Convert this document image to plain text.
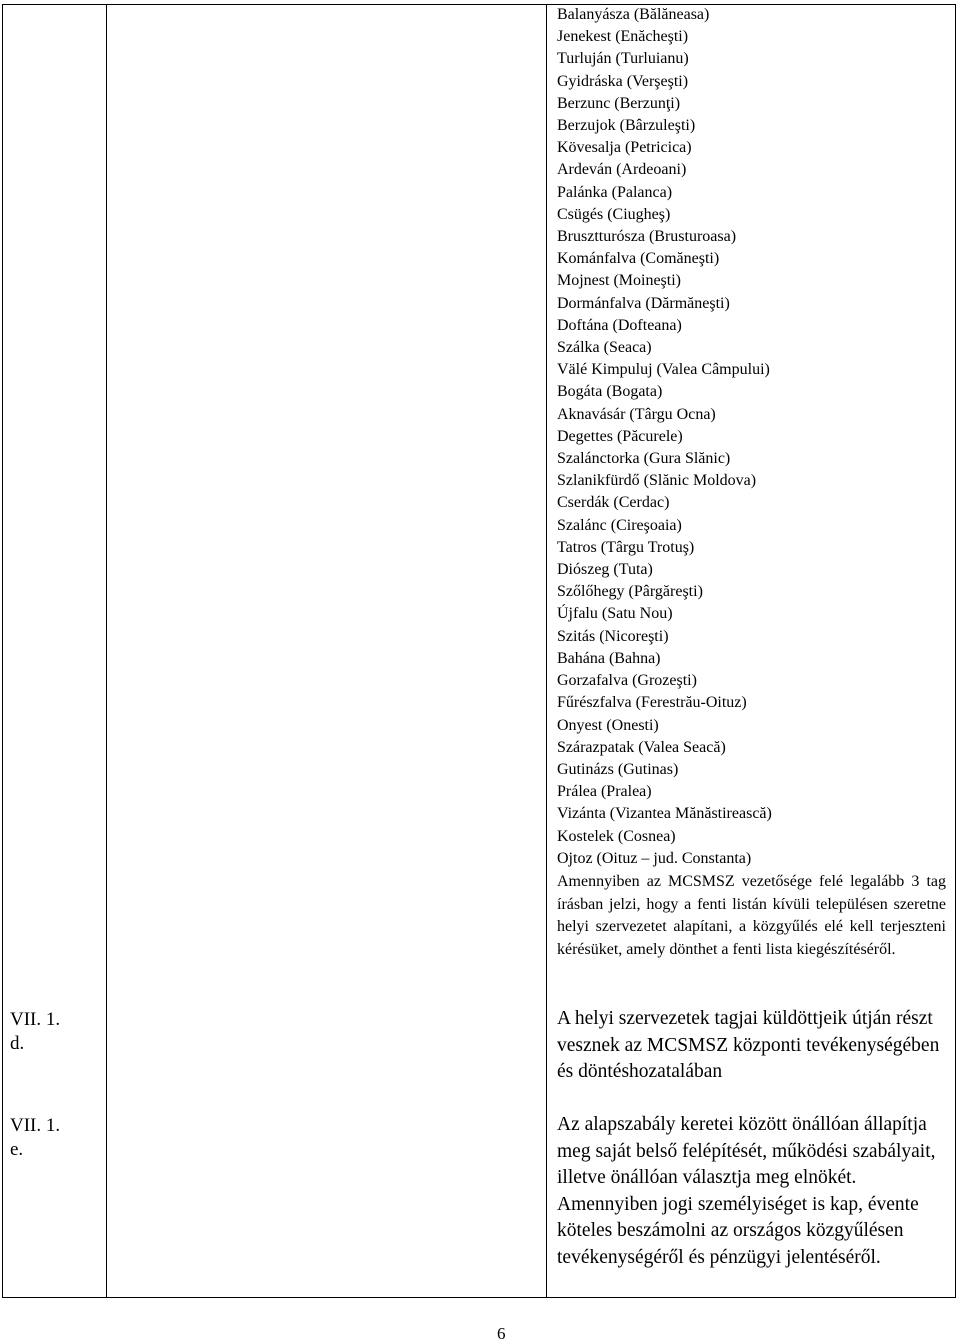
Balanyásza (Bălăneasa)
Jenekest (Enăcheşti)
Turluján (Turluianu)
Gyidráska (Verşeşti)
Berzunc (Berzunţi)
Berzujok (Bârzuleşti)
Kövesalja (Petricica)
Ardeván (Ardeoani)
Palánka (Palanca)
Csügés (Ciugheş)
Brusztturósza (Brusturoasa)
Kománfalva (Comăneşti)
Mojnest (Moineşti)
Dormánfalva (Dărmăneşti)
Doftána (Dofteana)
Szálka (Seaca)
Välé Kimpuluj (Valea Câmpului)
Bogáta (Bogata)
Aknavásár (Târgu Ocna)
Degettes (Păcurele)
Szalánctorka (Gura Slănic)
Szlanikfürdő (Slănic Moldova)
Cserdák (Cerdac)
Szalánc (Cireşoaia)
Tatros (Târgu Trotuş)
Diószeg (Tuta)
Szőlőhegy (Pârgăreşti)
Újfalu (Satu Nou)
Szitás (Nicoreşti)
Bahána (Bahna)
Gorzafalva (Grozeşti)
Fűrészfalva (Ferestrău-Oituz)
Onyest (Onesti)
Szárazpatak (Valea Seacă)
Gutinázs (Gutinas)
Prálea (Pralea)
Vizánta (Vizantea Mănăstirească)
Kostelek (Cosnea)
Ojtoz (Oituz – jud. Constanta)

Amennyiben az MCSMSZ vezetősége felé legalább 3 tag írásban jelzi, hogy a fenti listán kívüli településen szeretne helyi szervezetet alapítani, a közgyűlés elé kell terjeszteni kérésüket, amely dönthet a fenti lista kiegészítéséről.

VII. 1.
d.

A helyi szervezetek tagjai küldöttjeik útján részt vesznek az MCSMSZ központi tevékenységében és döntéshozatalában

VII. 1.
e.

Az alapszabály keretei között önállóan állapítja meg saját belső felépítését, működési szabályait, illetve önállóan választja meg elnökét. Amennyiben jogi személyiséget is kap, évente köteles beszámolni az országos közgyűlésen tevékenységéről és pénzügyi jelentéséről.

6
